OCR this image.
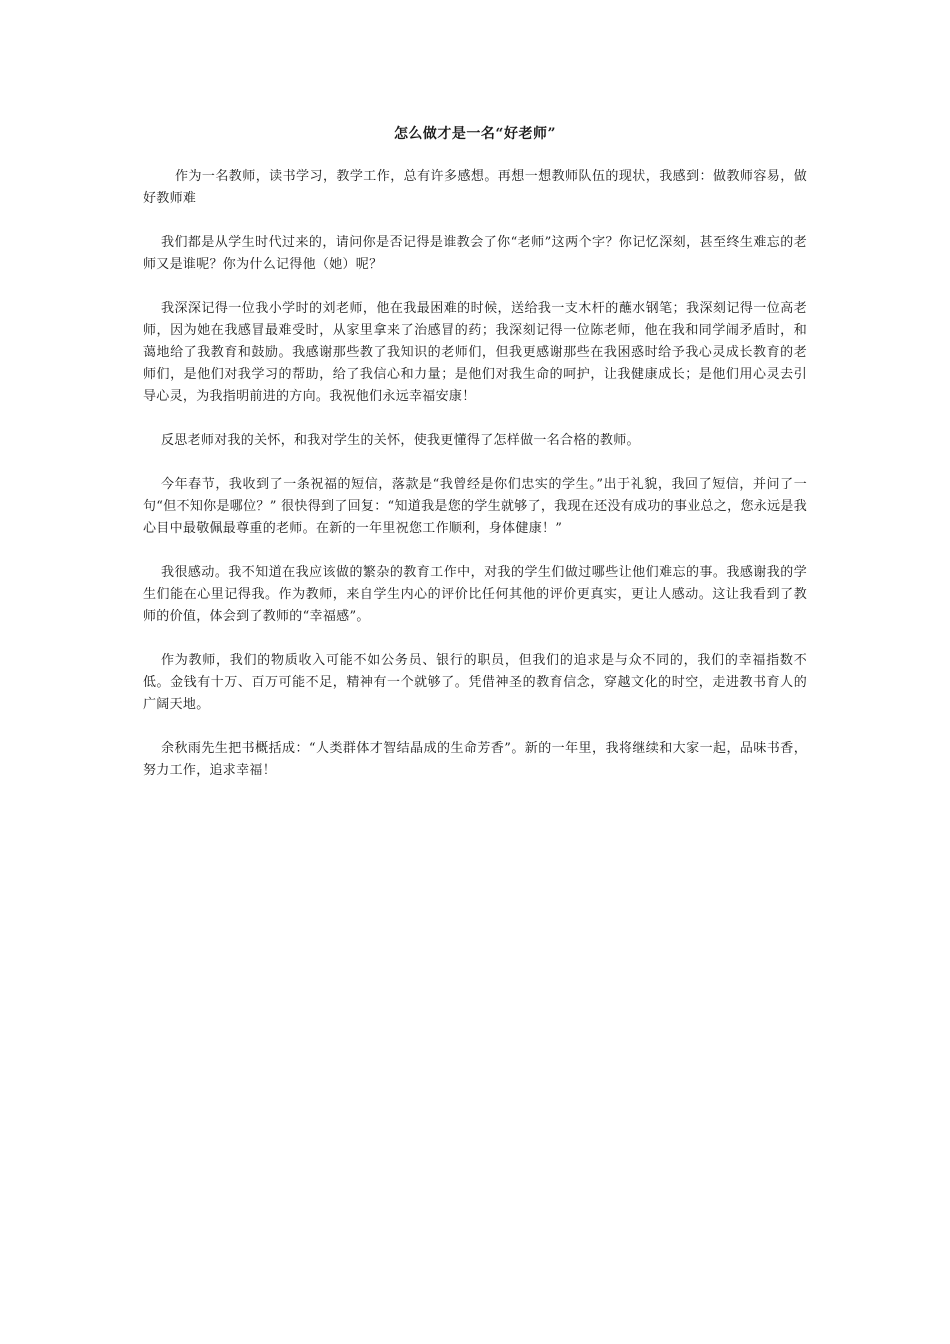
怎么做才是一名“好老师”

作为一名教师，读书学习，教学工作，总有许多感想。再想一想教师队伍的现状，我感到：做教师容易，做好教师难

我们都是从学生时代过来的，请问你是否记得是谁教会了你“老师”这两个字？你记忆深刻，甚至终生难忘的老师又是谁呢？你为什么记得他（她）呢？

我深深记得一位我小学时的刘老师，他在我最困难的时候，送给我一支木杆的蘸水钢笔；我深刻记得一位高老师，因为她在我感冒最难受时，从家里拿来了治感冒的药；我深刻记得一位陈老师，他在我和同学闹矛盾时，和蔼地给了我教育和鼓励。我感谢那些教了我知识的老师们，但我更感谢那些在我困惑时给予我心灵成长教育的老师们，是他们对我学习的帮助，给了我信心和力量；是他们对我生命的呵护，让我健康成长；是他们用心灵去引导心灵，为我指明前进的方向。我祝他们永远幸福安康！

反思老师对我的关怀，和我对学生的关怀，使我更懂得了怎样做一名合格的教师。

今年春节，我收到了一条祝福的短信，落款是“我曾经是你们忠实的学生。”出于礼貌，我回了短信，并问了一句“但不知你是哪位？” 很快得到了回复：“知道我是您的学生就够了，我现在还没有成功的事业总之，您永远是我心目中最敬佩最尊重的老师。在新的一年里祝您工作顺利，身体健康！”

我很感动。我不知道在我应该做的繁杂的教育工作中，对我的学生们做过哪些让他们难忘的事。我感谢我的学生们能在心里记得我。作为教师，来自学生内心的评价比任何其他的评价更真实，更让人感动。这让我看到了教师的价值，体会到了教师的“幸福感”。

作为教师，我们的物质收入可能不如公务员、银行的职员，但我们的追求是与众不同的，我们的幸福指数不低。金钱有十万、百万可能不足，精神有一个就够了。凭借神圣的教育信念，穿越文化的时空，走进教书育人的广阔天地。

余秋雨先生把书概括成：“人类群体才智结晶成的生命芳香”。新的一年里，我将继续和大家一起，品味书香，努力工作，追求幸福！
